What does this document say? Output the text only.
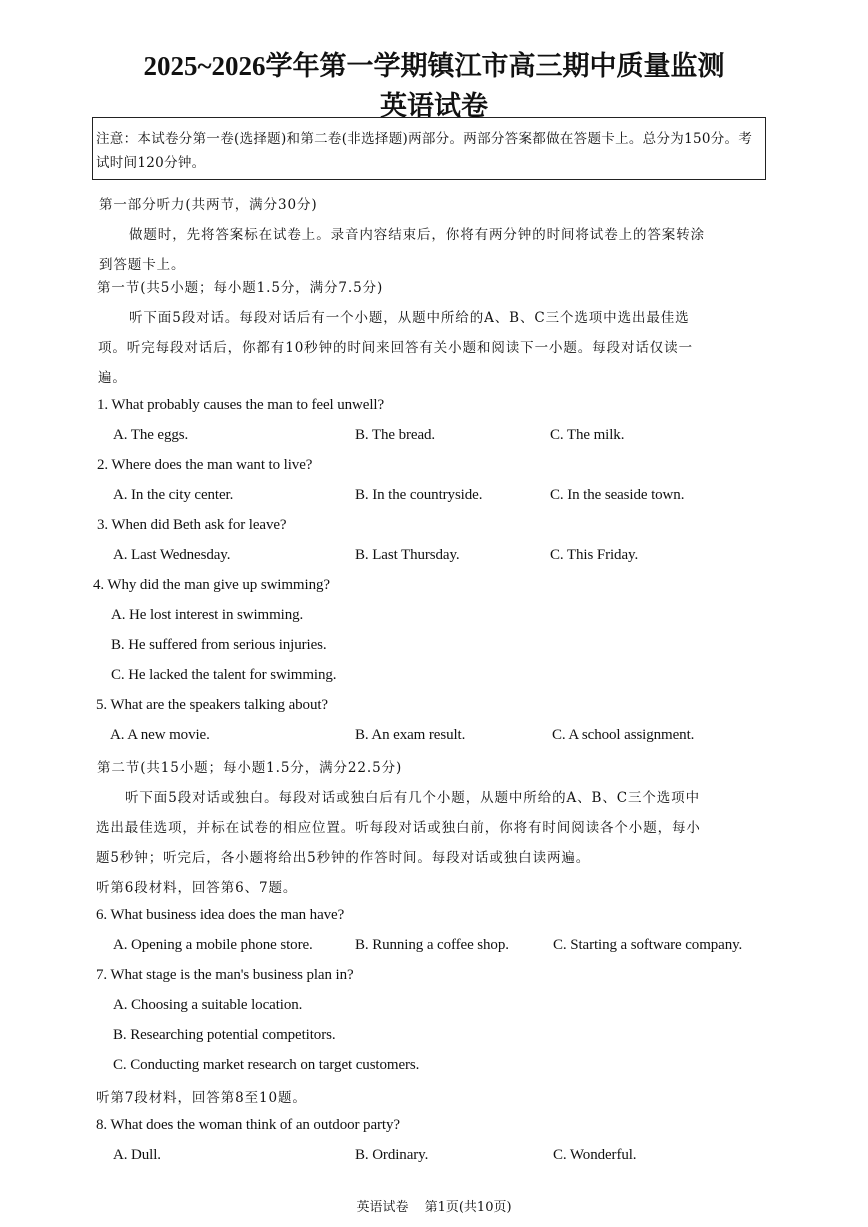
2025~2026学年第一学期镇江市高三期中质量监测
英语试卷
注意：本试卷分第一卷(选择题)和第二卷(非选择题)两部分。两部分答案都做在答题卡上。总分为150分。考试时间120分钟。
第一部分听力(共两节，满分30分)
做题时，先将答案标在试卷上。录音内容结束后，你将有两分钟的时间将试卷上的答案转涂
到答题卡上。
第一节(共5小题；每小题1.5分，满分7.5分)
听下面5段对话。每段对话后有一个小题，从题中所给的A、B、C三个选项中选出最佳选
项。听完每段对话后，你都有10秒钟的时间来回答有关小题和阅读下一小题。每段对话仅读一
遍。
1. What probably causes the man to feel unwell?
A. The eggs.	B. The bread.	C. The milk.
2. Where does the man want to live?
A. In the city center.	B. In the countryside.	C. In the seaside town.
3. When did Beth ask for leave?
A. Last Wednesday.	B. Last Thursday.	C. This Friday.
4. Why did the man give up swimming?
A. He lost interest in swimming.
B. He suffered from serious injuries.
C. He lacked the talent for swimming.
5. What are the speakers talking about?
A. A new movie.	B. An exam result.	C. A school assignment.
第二节(共15小题；每小题1.5分，满分22.5分)
听下面5段对话或独白。每段对话或独白后有几个小题，从题中所给的A、B、C三个选项中
选出最佳选项，并标在试卷的相应位置。听每段对话或独白前，你将有时间阅读各个小题，每小
题5秒钟；听完后，各小题将给出5秒钟的作答时间。每段对话或独白读两遍。
听第6段材料，回答第6、7题。
6. What business idea does the man have?
A. Opening a mobile phone store.	B. Running a coffee shop.	C. Starting a software company.
7. What stage is the man's business plan in?
A. Choosing a suitable location.
B. Researching potential competitors.
C. Conducting market research on target customers.
听第7段材料，回答第8至10题。
8. What does the woman think of an outdoor party?
A. Dull.	B. Ordinary.	C. Wonderful.
英语试卷 第1页(共10页)
